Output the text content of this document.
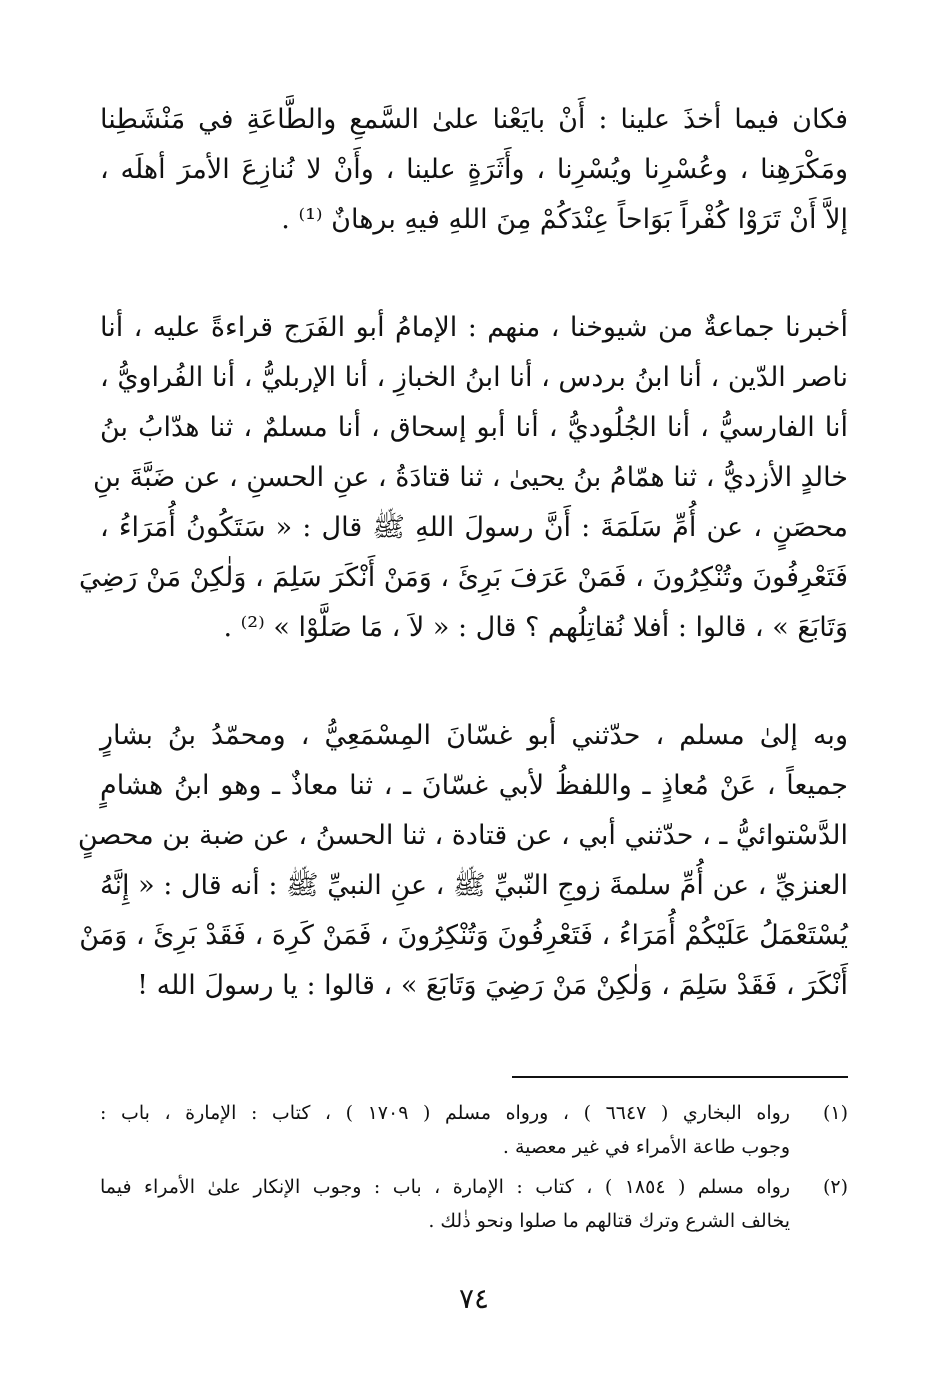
فكان فيما أخذَ علينا : أَنْ بايَعْنا علىٰ السَّمعِ والطَّاعَةِ في مَنْشَطِنا
ومَكْرَهِنا ، وعُسْرِنا ويُسْرِنا ، وأَثَرَةٍ علينا ، وأَنْ لا نُنازِعَ الأمرَ أهلَه ،
إلاَّ أَنْ تَرَوْا كُفْراً بَوَاحاً عِنْدَكُمْ مِنَ اللهِ فيهِ برهانٌ ⁽¹⁾ .

أخبرنا جماعةٌ من شيوخنا ، منهم : الإمامُ أبو الفَرَج قراءةً عليه ، أنا
ناصر الدّين ، أنا ابنُ بردس ، أنا ابنُ الخبازِ ، أنا الإربليُّ ، أنا الفُراويُّ ،
أنا الفارسيُّ ، أنا الجُلُوديُّ ، أنا أبو إسحاق ، أنا مسلمٌ ، ثنا هدّابُ بنُ
خالدٍ الأزديُّ ، ثنا همّامُ بنُ يحيىٰ ، ثنا قتادَةُ ، عنِ الحسنِ ، عن ضَبَّةَ بنِ
محصَنٍ ، عن أُمِّ سَلَمَةَ : أَنَّ رسولَ اللهِ ﷺ قال : « سَتَكُونُ أُمَرَاءُ ،
فَتَعْرِفُونَ وتُنْكِرُونَ ، فَمَنْ عَرَفَ بَرِئَ ، وَمَنْ أَنْكَرَ سَلِمَ ، وَلٰكِنْ مَنْ رَضِيَ
وَتَابَعَ » ، قالوا : أفلا نُقاتِلُهم ؟ قال : « لاَ ، مَا صَلَّوْا » ⁽²⁾ .

وبه إلىٰ مسلم ، حدّثني أبو غسّانَ المِسْمَعِيُّ ، ومحمّدُ بنُ بشارٍ
جميعاً ، عَنْ مُعاذٍ ـ واللفظُ لأبي غسّانَ ـ ، ثنا معاذٌ ـ وهو ابنُ هشامٍ
الدَّسْتوائيُّ ـ ، حدّثني أبي ، عن قتادة ، ثنا الحسنُ ، عن ضبة بن محصنٍ
العنزيِّ ، عن أُمِّ سلمةَ زوجِ النّبيِّ ﷺ ، عنِ النبيِّ ﷺ : أنه قال : « إِنَّهُ
يُسْتَعْمَلُ عَلَيْكُمْ أُمَرَاءُ ، فَتَعْرِفُونَ وَتُنْكِرُونَ ، فَمَنْ كَرِهَ ، فَقَدْ بَرِئَ ، وَمَنْ
أَنْكَرَ ، فَقَدْ سَلِمَ ، وَلٰكِنْ مَنْ رَضِيَ وَتَابَعَ » ، قالوا : يا رسولَ الله !

(١)
رواه البخاري ( ٦٦٤٧ ) ، ورواه مسلم ( ١٧٠٩ ) ، كتاب : الإمارة ، باب :
وجوب طاعة الأمراء في غير معصية .
(٢)
رواه مسلم ( ١٨٥٤ ) ، كتاب : الإمارة ، باب : وجوب الإنكار علىٰ الأمراء فيما
يخالف الشرع وترك قتالهم ما صلوا ونحو ذٰلك .
٧٤
